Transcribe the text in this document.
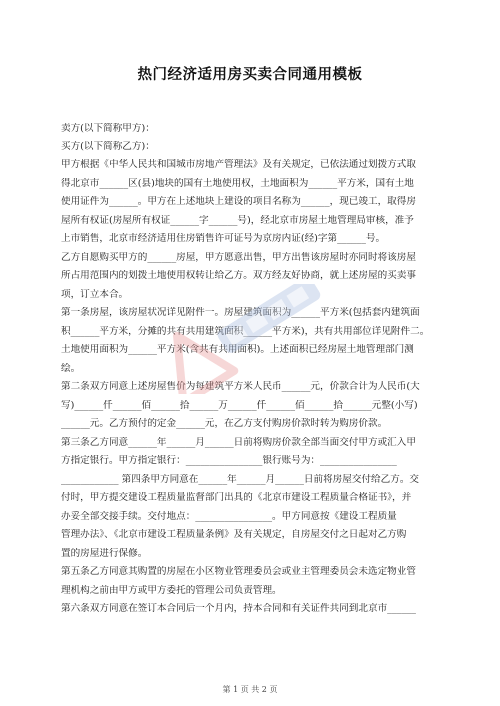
热门经济适用房买卖合同通用模板
卖方(以下简称甲方)：
买方(以下简称乙方)：
甲方根据《中华人民共和国城市房地产管理法》及有关规定，已依法通过划拨方式取
得北京市______区(县)地块的国有土地使用权，土地面积为______平方米，国有土地
使用证件为______。甲方在上述地块上建设的项目名称为______，现已竣工，取得房
屋所有权证(房屋所有权证______字______号)，经北京市房屋土地管理局审核，准予
上市销售，北京市经济适用住房销售许可证号为京房内证(经)字第______号。
乙方自愿购买甲方的______房屋，甲方愿意出售，甲方出售该房屋时亦同时将该房屋
所占用范围内的划拨土地使用权转让给乙方。双方经友好协商，就上述房屋的买卖事
项，订立本合。
第一条房屋，该房屋状况详见附件一。房屋建筑面积为______平方米(包括套内建筑面
积______平方米，分摊的共有共用建筑面积______平方米)，共有共用部位详见附件二。
土地使用面积为______平方米(含共有共用面积)。上述面积已经房屋土地管理部门测
绘。
第二条双方同意上述房屋售价为每建筑平方米人民币______元，价款合计为人民币(大
写)______仟______佰______拾______万______仟______佰______拾______元整(小写)
______元。乙方预付的定金______元，在乙方支付购房价款时转为购房价款。
第三条乙方同意______年______月______日前将购房价款全部当面交付甲方或汇入甲
方指定银行。甲方指定银行：________________银行账号为：________________
____________ 第四条甲方同意在______年______月______日前将房屋交付给乙方。交
付时，甲方提交建设工程质量监督部门出具的《北京市建设工程质量合格证书》，并
办妥全部交接手续。交付地点：________________。甲方同意按《建设工程质量
管理办法》、《北京市建设工程质量条例》及有关规定，自房屋交付之日起对乙方购
置的房屋进行保修。
第五条乙方同意其购置的房屋在小区物业管理委员会或业主管理委员会未选定物业管
理机构之前由甲方或甲方委托的管理公司负责管理。
第六条双方同意在签订本合同后一个月内，持本合同和有关证件共同到北京市______
第 1 页 共 2 页
